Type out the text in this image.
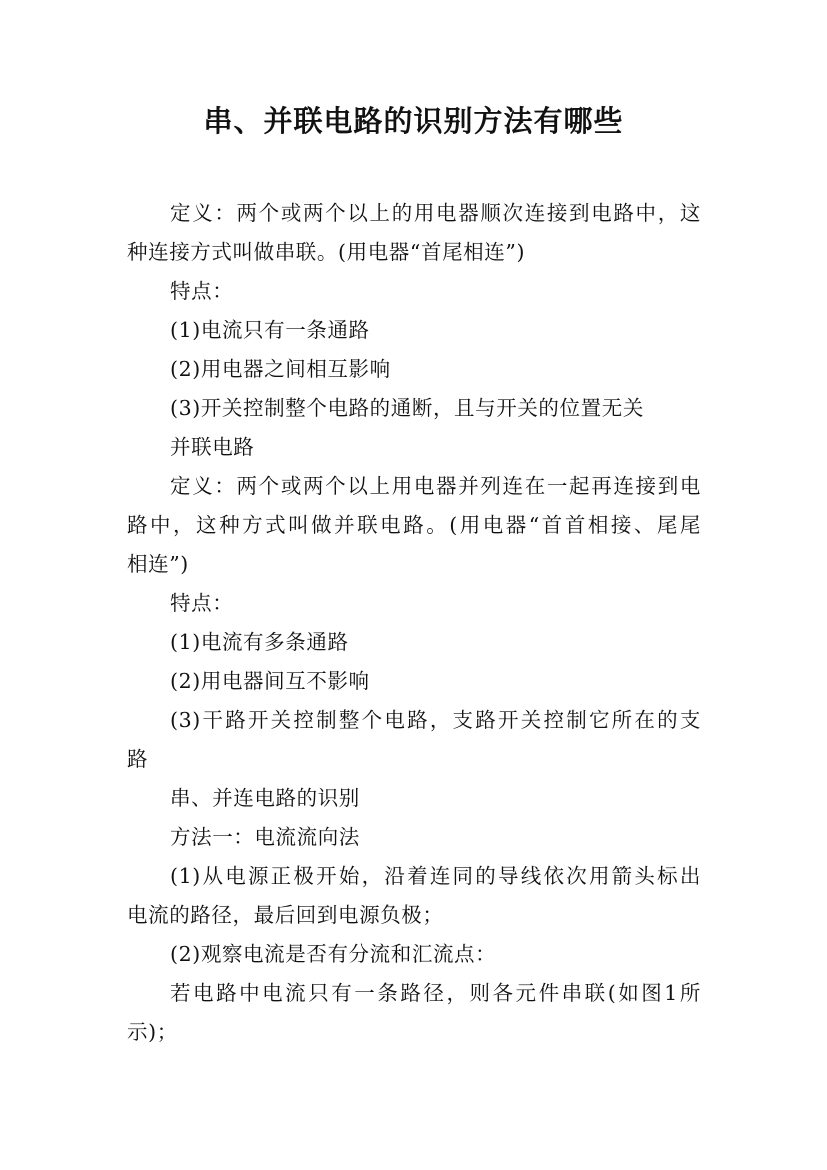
串、并联电路的识别方法有哪些
定义：两个或两个以上的用电器顺次连接到电路中，这
种连接方式叫做串联。(用电器“首尾相连”)
特点：
(1)电流只有一条通路
(2)用电器之间相互影响
(3)开关控制整个电路的通断，且与开关的位置无关
并联电路
定义：两个或两个以上用电器并列连在一起再连接到电
路中，这种方式叫做并联电路。(用电器“首首相接、尾尾
相连”)
特点：
(1)电流有多条通路
(2)用电器间互不影响
(3)干路开关控制整个电路，支路开关控制它所在的支
路
串、并连电路的识别
方法一：电流流向法
(1)从电源正极开始，沿着连同的导线依次用箭头标出
电流的路径，最后回到电源负极；
(2)观察电流是否有分流和汇流点：
若电路中电流只有一条路径，则各元件串联(如图1所
示)；
